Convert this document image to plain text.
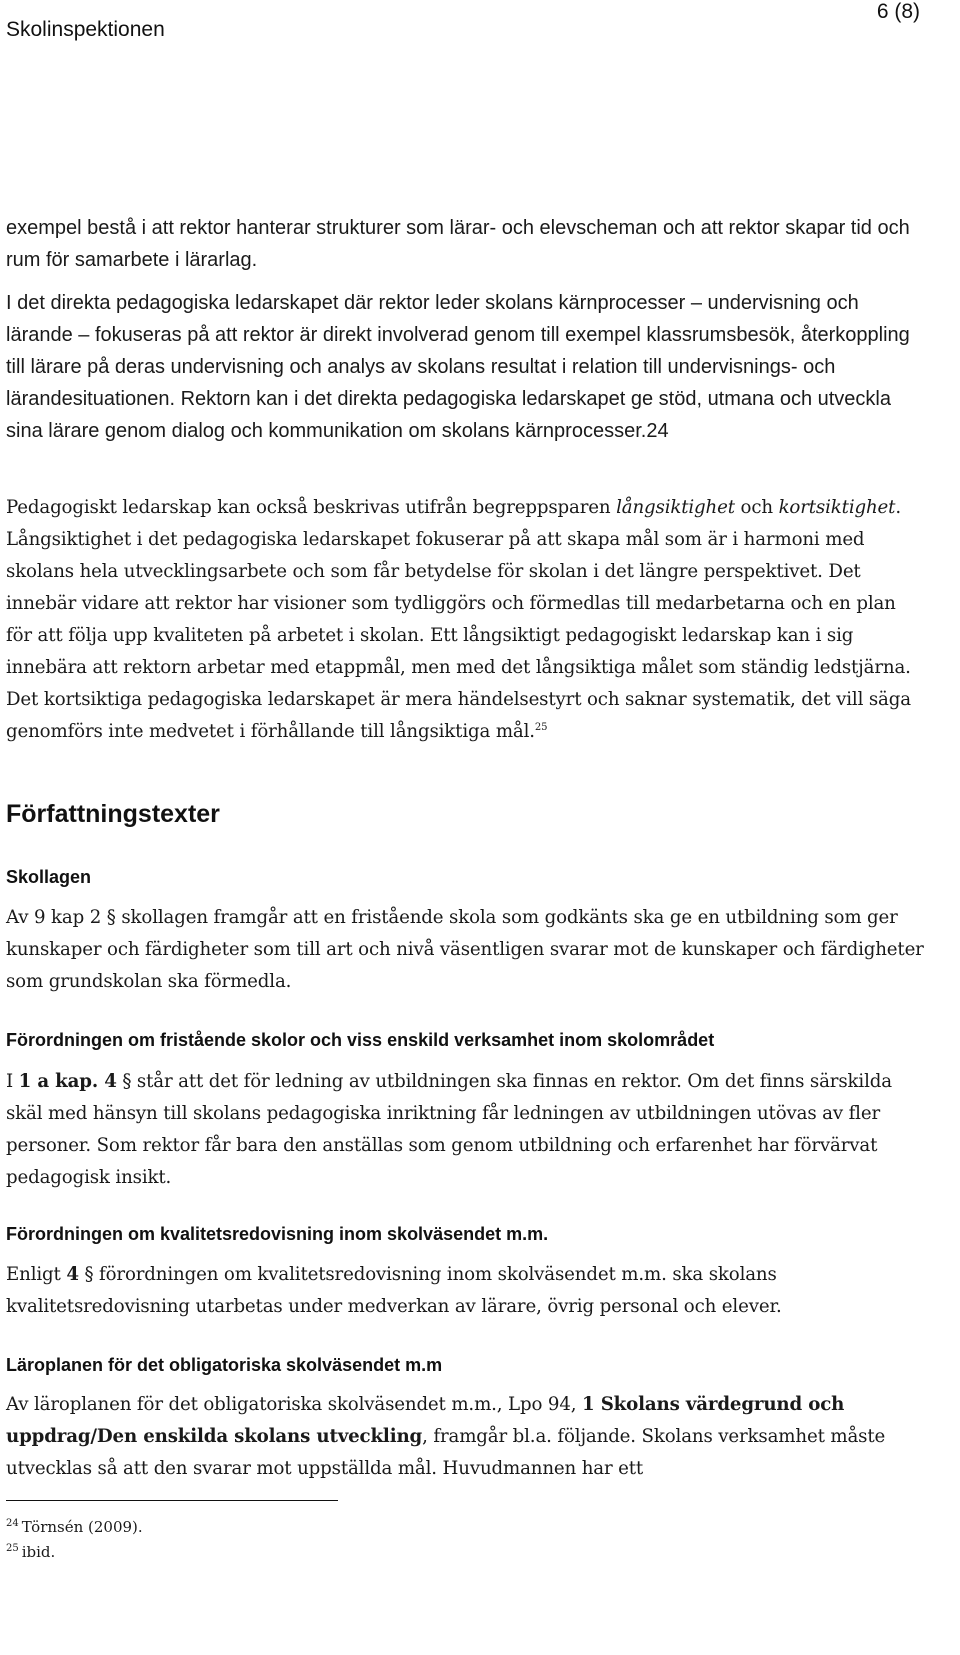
Skolinspektionen
6 (8)

exempel bestå i att rektor hanterar strukturer som lärar- och elevscheman och att rektor skapar tid och rum för samarbete i lärarlag.

I det direkta pedagogiska ledarskapet där rektor leder skolans kärnprocesser – undervisning och lärande – fokuseras på att rektor är direkt involverad genom till exempel klassrumsbesök, återkoppling till lärare på deras undervisning och analys av skolans resultat i relation till undervisnings- och lärandesituationen. Rektorn kan i det direkta pedagogiska ledarskapet ge stöd, utmana och utveckla sina lärare genom dialog och kommunikation om skolans kärnprocesser.24

Pedagogiskt ledarskap kan också beskrivas utifrån begreppsparen långsiktighet och kortsiktighet. Långsiktighet i det pedagogiska ledarskapet fokuserar på att skapa mål som är i harmoni med skolans hela utvecklingsarbete och som får betydelse för skolan i det längre perspektivet. Det innebär vidare att rektor har visioner som tydliggörs och förmedlas till medarbetarna och en plan för att följa upp kvaliteten på arbetet i skolan. Ett långsiktigt pedagogiskt ledarskap kan i sig innebära att rektorn arbetar med etappmål, men med det långsiktiga målet som ständig ledstjärna. Det kortsiktiga pedagogiska ledarskapet är mera händelsestyrt och saknar systematik, det vill säga genomförs inte medvetet i förhållande till långsiktiga mål.$^{25}$

Författningstexter
Skollagen

Av 9 kap 2 § skollagen framgår att en fristående skola som godkänts ska ge en utbildning som ger kunskaper och färdigheter som till art och nivå väsentligen svarar mot de kunskaper och färdigheter som grundskolan ska förmedla.

Förordningen om fristående skolor och viss enskild verksamhet inom skolområdet

I 1 a kap. 4 § står att det för ledning av utbildningen ska finnas en rektor. Om det finns särskilda skäl med hänsyn till skolans pedagogiska inriktning får ledningen av utbildningen utövas av fler personer. Som rektor får bara den anställas som genom utbildning och erfarenhet har förvärvat pedagogisk insikt.

Förordningen om kvalitetsredovisning inom skolväsendet m.m.

Enligt 4 § förordningen om kvalitetsredovisning inom skolväsendet m.m. ska skolans kvalitetsredovisning utarbetas under medverkan av lärare, övrig personal och elever.

Läroplanen för det obligatoriska skolväsendet m.m

Av läroplanen för det obligatoriska skolväsendet m.m., Lpo 94, 1 Skolans värdegrund och uppdrag/Den enskilda skolans utveckling, framgår bl.a. följande. Skolans verksamhet måste utvecklas så att den svarar mot uppställda mål. Huvudmannen har ett

$^{24}$ Törnsén (2009).
$^{25}$ ibid.
